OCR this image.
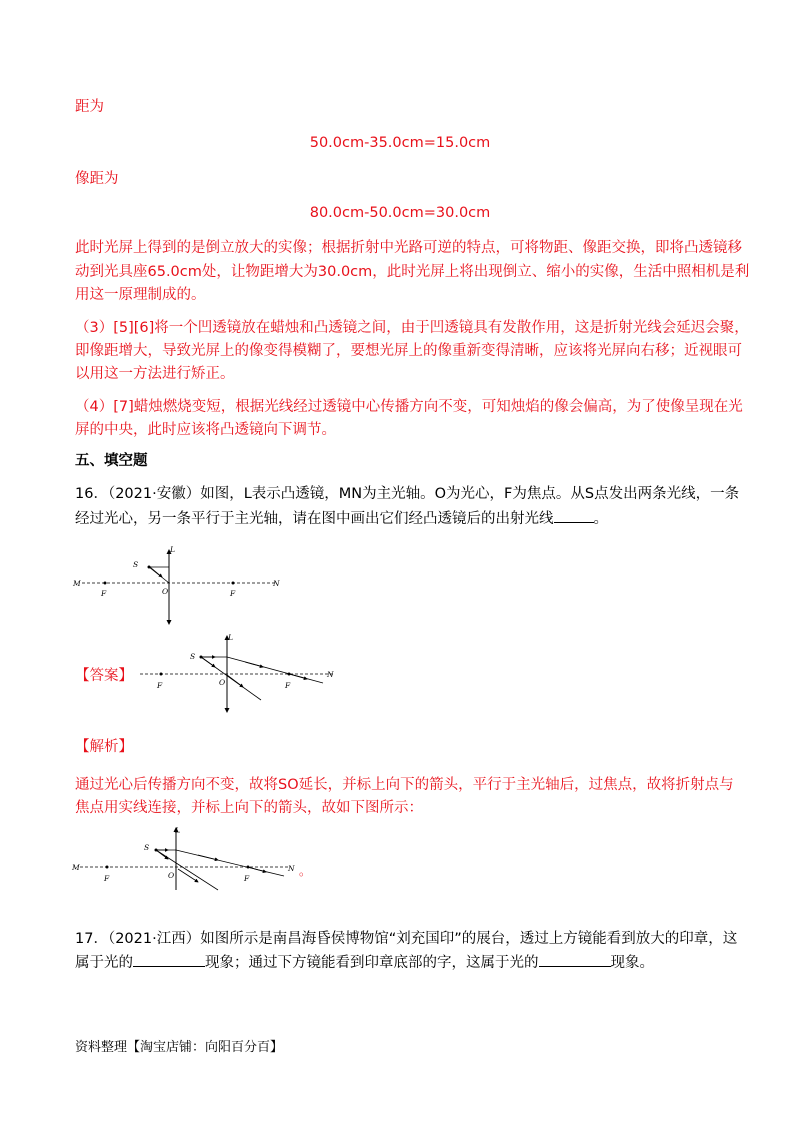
距为
50.0cm-35.0cm=15.0cm
像距为
80.0cm-50.0cm=30.0cm
此时光屏上得到的是倒立放大的实像；根据折射中光路可逆的特点，可将物距、像距交换，即将凸透镜移
动到光具座65.0cm处，让物距增大为30.0cm，此时光屏上将出现倒立、缩小的实像，生活中照相机是利
用这一原理制成的。
（3）[5][6]将一个凹透镜放在蜡烛和凸透镜之间，由于凹透镜具有发散作用，这是折射光线会延迟会聚，
即像距增大，导致光屏上的像变得模糊了，要想光屏上的像重新变得清晰，应该将光屏向右移；近视眼可
以用这一方法进行矫正。
（4）[7]蜡烛燃烧变短，根据光线经过透镜中心传播方向不变，可知烛焰的像会偏高，为了使像呈现在光
屏的中央，此时应该将凸透镜向下调节。
五、填空题
16．（2021·安徽）如图，L表示凸透镜，MN为主光轴。O为光心，F为焦点。从S点发出两条光线，一条
经过光心，另一条平行于主光轴，请在图中画出它们经凸透镜后的出射光线	。
L
S
M	N
F	F
O
【答案】
L
S
N
F	F
O
【解析】
通过光心后传播方向不变，故将SO延长，并标上向下的箭头，平行于主光轴后，过焦点，故将折射点与
焦点用实线连接，并标上向下的箭头，故如下图所示：
L
S
M	N
F	F
O	。
17．（2021·江西）如图所示是南昌海昏侯博物馆“刘充国印”的展台，透过上方镜能看到放大的印章，这
属于光的	现象；通过下方镜能看到印章底部的字，这属于光的	现象。
资料整理【淘宝店铺：向阳百分百】
